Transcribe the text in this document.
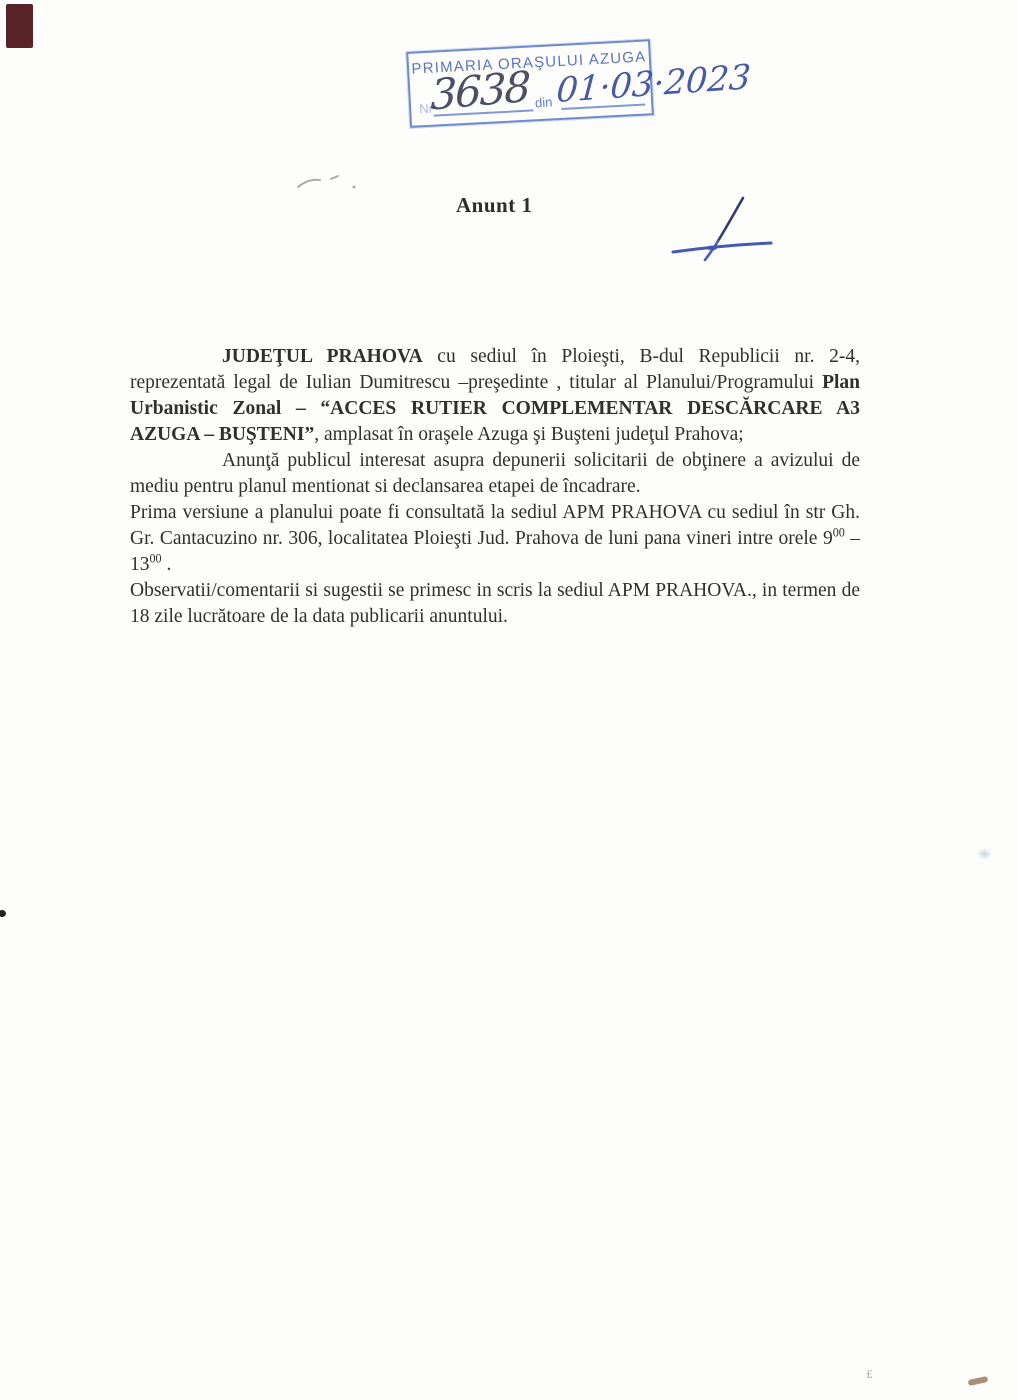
PRIMARIA ORAŞULUI AZUGA
Nr	din
3638 01·03·2023
Anunt 1

JUDEŢUL PRAHOVA cu sediul în Ploieşti, B-dul Republicii nr. 2-4, reprezentată legal de Iulian Dumitrescu –preşedinte , titular al Planului/Programului Plan Urbanistic Zonal – “ACCES RUTIER COMPLEMENTAR DESCĂRCARE A3 AZUGA – BUŞTENI”, amplasat în oraşele Azuga şi Buşteni judeţul Prahova;

Anunţă publicul interesat asupra depunerii solicitarii de obţinere a avizului de mediu pentru planul mentionat si declansarea etapei de încadrare.

Prima versiune a planului poate fi consultată la sediul APM PRAHOVA cu sediul în str Gh. Gr. Cantacuzino nr. 306, localitatea Ploieşti Jud. Prahova de luni pana vineri intre orele $9^{00} - 13^{00}$ .

Observatii/comentarii si sugestii se primesc in scris la sediul APM PRAHOVA., in termen de 18 zile lucrătoare de la data publicarii anuntului.

£
